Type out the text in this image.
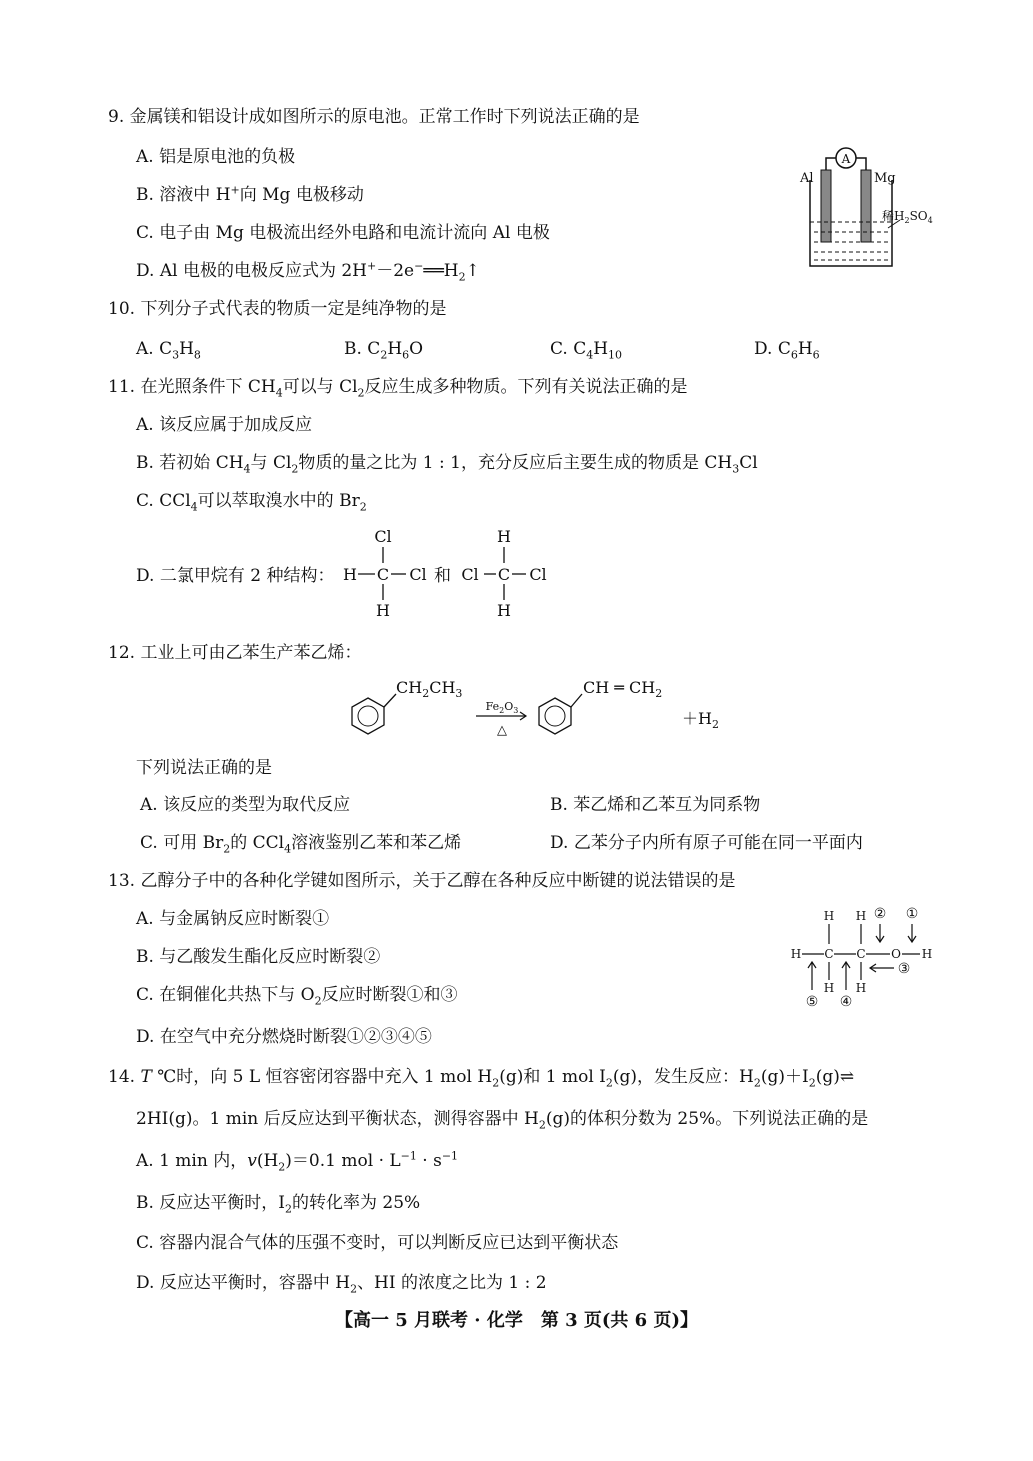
9. 金属镁和铝设计成如图所示的原电池。正常工作时下列说法正确的是
A. 铝是原电池的负极
B. 溶液中 H+向 Mg 电极移动
C. 电子由 Mg 电极流出经外电路和电流计流向 Al 电极
D. Al 电极的电极反应式为 $2H^+-2e^-══H_2↑$
A
Al	Mg
稀$H_2SO_4$
10. 下列分子式代表的物质一定是纯净物的是
A. $C_3H_8$	B. $C_2H_6O$	C. $C_4H_{10}$	D. $C_6H_6$
11. 在光照条件下 $CH_4$可以与 $Cl_2$反应生成多种物质。下列有关说法正确的是
A. 该反应属于加成反应
B. 若初始 $CH_4$与 $Cl_2$物质的量之比为 1 : 1，充分反应后主要生成的物质是 $CH_3Cl$
C. CCl$_4$可以萃取溴水中的 $Br_2$
D. 二氯甲烷有 2 种结构：
Cl
H C Cl
H
和
H
Cl C Cl
H
12. 工业上可由乙苯生产苯乙烯：
$CH_2CH_3$
$Fe_2O_3$
△
CH ═ $CH_2$
$+H_2$
下列说法正确的是
A. 该反应的类型为取代反应	B. 苯乙烯和乙苯互为同系物
C. 可用 $Br_2$的 CCl$_4$溶液鉴别乙苯和苯乙烯	D. 乙苯分子内所有原子可能在同一平面内
13. 乙醇分子中的各种化学键如图所示，关于乙醇在各种反应中断键的说法错误的是
A. 与金属钠反应时断裂①
B. 与乙酸发生酯化反应时断裂②
C. 在铜催化共热下与 $O_2$反应时断裂①和③
D. 在空气中充分燃烧时断裂①②③④⑤
H H ② ①
H C C O H
H H
⑤ ④
③
14. T ℃时，向 5 L 恒容密闭容器中充入 1 mol $H_2(g)$和 1 mol $I_2(g)$，发生反应：$H_2(g)+I_2(g)\rightleftharpoons$
2HI(g)。1 min 后反应达到平衡状态，测得容器中 $H_2(g)$的体积分数为 25%。下列说法正确的是
A. 1 min 内，$v(H_2)=0.1$ mol · $L^{-1} \cdot s^{-1}$
B. 反应达平衡时，$I_2$的转化率为 25%
C. 容器内混合气体的压强不变时，可以判断反应已达到平衡状态
D. 反应达平衡时，容器中 $H_2$、HI 的浓度之比为 1 : 2
【高一 5 月联考 · 化学　第 3 页(共 6 页)】
